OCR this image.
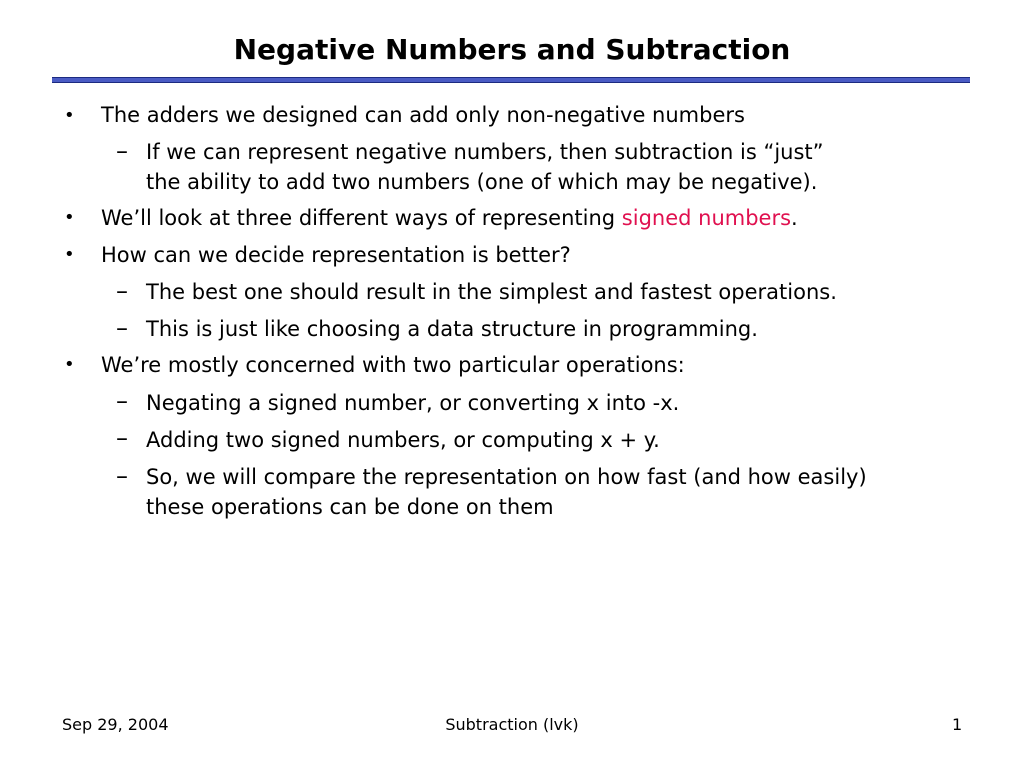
Negative Numbers and Subtraction
• The adders we designed can add only non-negative numbers
– If we can represent negative numbers, then subtraction is “just”
the ability to add two numbers (one of which may be negative).
• We’ll look at three different ways of representing signed numbers.
• How can we decide representation is better?
– The best one should result in the simplest and fastest operations.
– This is just like choosing a data structure in programming.
• We’re mostly concerned with two particular operations:
– Negating a signed number, or converting x into -x.
– Adding two signed numbers, or computing x + y.
– So, we will compare the representation on how fast (and how easily)
these operations can be done on them
Sep 29, 2004	Subtraction (lvk)	1
